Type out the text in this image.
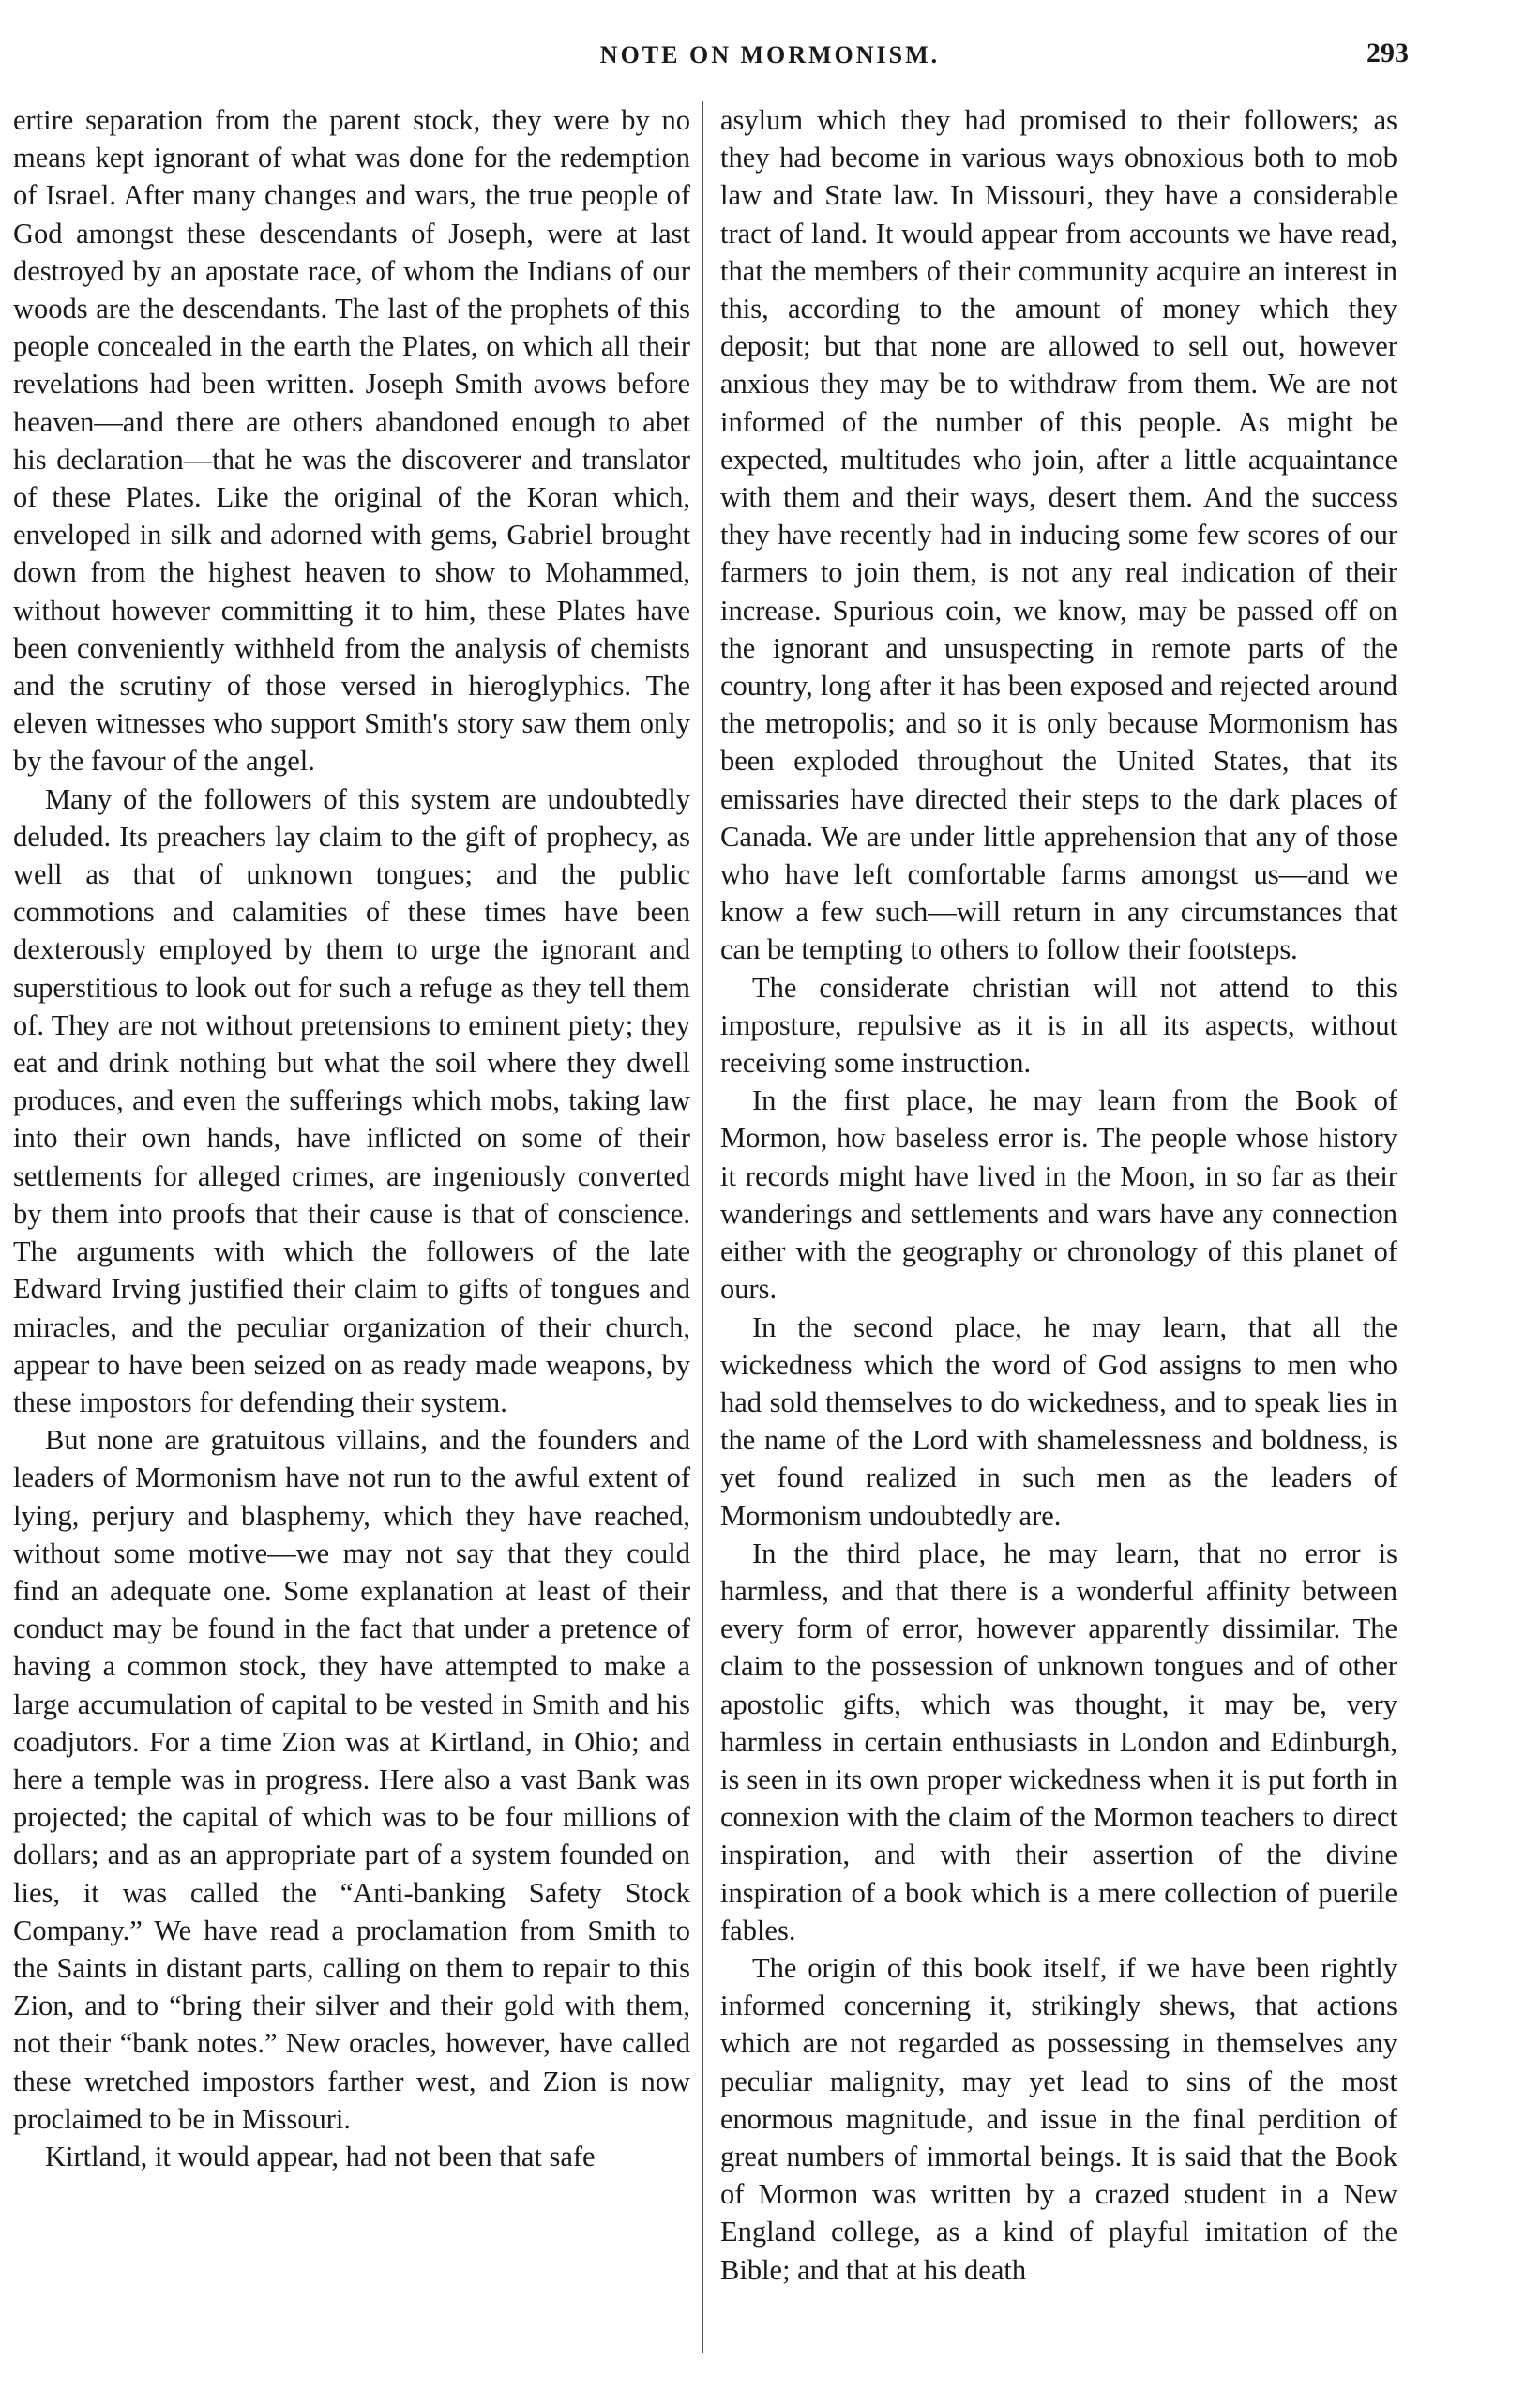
NOTE ON MORMONISM.	293

ertire separation from the parent stock, they were by no means kept ignorant of what was done for the redemption of Israel. After many changes and wars, the true people of God amongst these descendants of Joseph, were at last destroyed by an apostate race, of whom the Indians of our woods are the descendants. The last of the prophets of this people concealed in the earth the Plates, on which all their revelations had been written. Joseph Smith avows before heaven—and there are others abandoned enough to abet his declaration—that he was the discoverer and translator of these Plates. Like the original of the Koran which, enveloped in silk and adorned with gems, Gabriel brought down from the highest heaven to show to Mohammed, without however committing it to him, these Plates have been conveniently withheld from the analysis of chemists and the scrutiny of those versed in hieroglyphics. The eleven witnesses who support Smith's story saw them only by the favour of the angel.

Many of the followers of this system are undoubtedly deluded. Its preachers lay claim to the gift of prophecy, as well as that of unknown tongues; and the public commotions and calamities of these times have been dexterously employed by them to urge the ignorant and superstitious to look out for such a refuge as they tell them of. They are not without pretensions to eminent piety; they eat and drink nothing but what the soil where they dwell produces, and even the sufferings which mobs, taking law into their own hands, have inflicted on some of their settlements for alleged crimes, are ingeniously converted by them into proofs that their cause is that of conscience. The arguments with which the followers of the late Edward Irving justified their claim to gifts of tongues and miracles, and the peculiar organization of their church, appear to have been seized on as ready made weapons, by these impostors for defending their system.

But none are gratuitous villains, and the founders and leaders of Mormonism have not run to the awful extent of lying, perjury and blasphemy, which they have reached, without some motive—we may not say that they could find an adequate one. Some explanation at least of their conduct may be found in the fact that under a pretence of having a common stock, they have attempted to make a large accumulation of capital to be vested in Smith and his coadjutors. For a time Zion was at Kirtland, in Ohio; and here a temple was in progress. Here also a vast Bank was projected; the capital of which was to be four millions of dollars; and as an appropriate part of a system founded on lies, it was called the “Anti-banking Safety Stock Company.” We have read a proclamation from Smith to the Saints in distant parts, calling on them to repair to this Zion, and to “bring their silver and their gold with them, not their “bank notes.” New oracles, however, have called these wretched impostors farther west, and Zion is now proclaimed to be in Missouri.

Kirtland, it would appear, had not been that safe

asylum which they had promised to their followers; as they had become in various ways obnoxious both to mob law and State law. In Missouri, they have a considerable tract of land. It would appear from accounts we have read, that the members of their community acquire an interest in this, according to the amount of money which they deposit; but that none are allowed to sell out, however anxious they may be to withdraw from them. We are not informed of the number of this people. As might be expected, multitudes who join, after a little acquaintance with them and their ways, desert them. And the success they have recently had in inducing some few scores of our farmers to join them, is not any real indication of their increase. Spurious coin, we know, may be passed off on the ignorant and unsuspecting in remote parts of the country, long after it has been exposed and rejected around the metropolis; and so it is only because Mormonism has been exploded throughout the United States, that its emissaries have directed their steps to the dark places of Canada. We are under little apprehension that any of those who have left comfortable farms amongst us—and we know a few such—will return in any circumstances that can be tempting to others to follow their footsteps.

The considerate christian will not attend to this imposture, repulsive as it is in all its aspects, without receiving some instruction.

In the first place, he may learn from the Book of Mormon, how baseless error is. The people whose history it records might have lived in the Moon, in so far as their wanderings and settlements and wars have any connection either with the geography or chronology of this planet of ours.

In the second place, he may learn, that all the wickedness which the word of God assigns to men who had sold themselves to do wickedness, and to speak lies in the name of the Lord with shamelessness and boldness, is yet found realized in such men as the leaders of Mormonism undoubtedly are.

In the third place, he may learn, that no error is harmless, and that there is a wonderful affinity between every form of error, however apparently dissimilar. The claim to the possession of unknown tongues and of other apostolic gifts, which was thought, it may be, very harmless in certain enthusiasts in London and Edinburgh, is seen in its own proper wickedness when it is put forth in connexion with the claim of the Mormon teachers to direct inspiration, and with their assertion of the divine inspiration of a book which is a mere collection of puerile fables.

The origin of this book itself, if we have been rightly informed concerning it, strikingly shews, that actions which are not regarded as possessing in themselves any peculiar malignity, may yet lead to sins of the most enormous magnitude, and issue in the final perdition of great numbers of immortal beings. It is said that the Book of Mormon was written by a crazed student in a New England college, as a kind of playful imitation of the Bible; and that at his death
